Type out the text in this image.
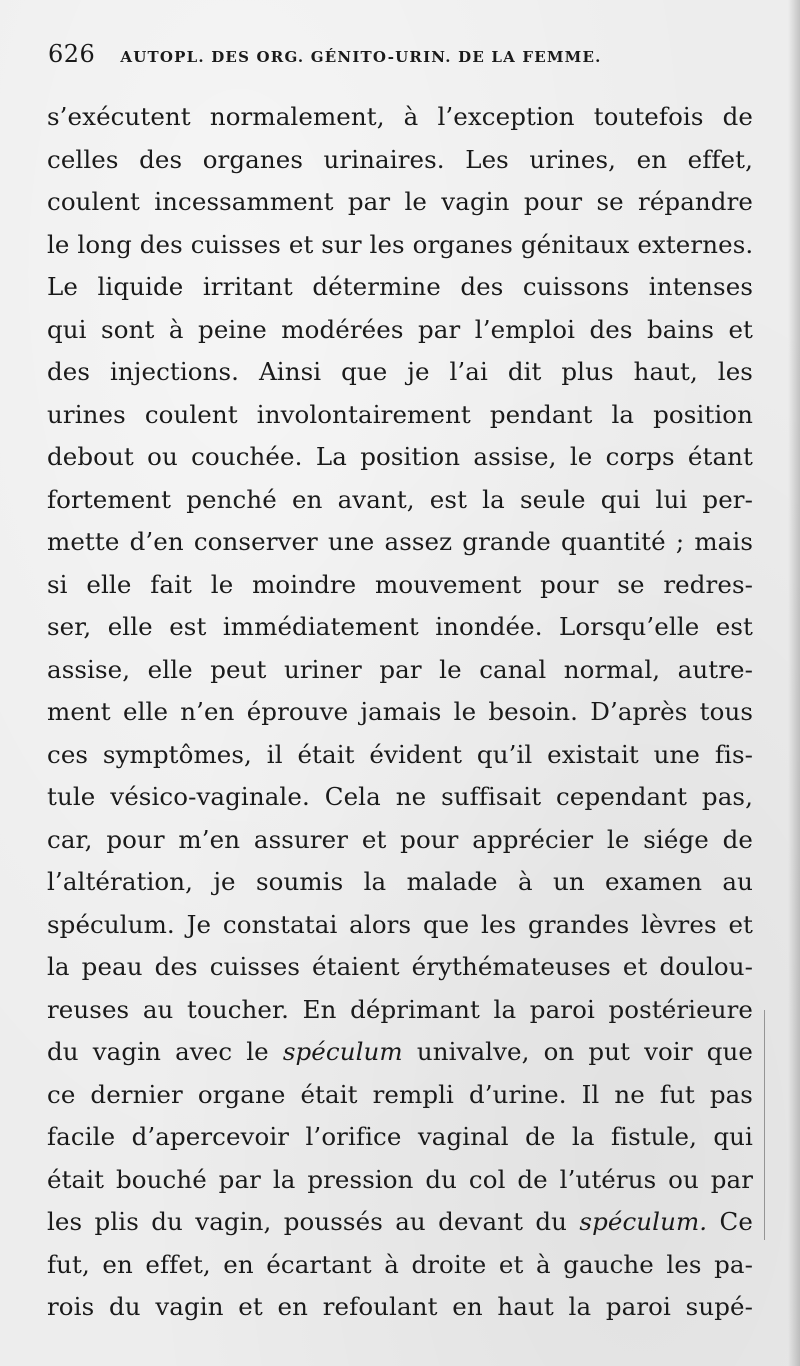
626 AUTOPL. DES ORG. GÉNITO-URIN. DE LA FEMME.
s’exécutent normalement, à l’exception toutefois de
celles des organes urinaires. Les urines, en effet,
coulent incessamment par le vagin pour se répandre
le long des cuisses et sur les organes génitaux externes.
Le liquide irritant détermine des cuissons intenses
qui sont à peine modérées par l’emploi des bains et
des injections. Ainsi que je l’ai dit plus haut, les
urines coulent involontairement pendant la position
debout ou couchée. La position assise, le corps étant
fortement penché en avant, est la seule qui lui per-
mette d’en conserver une assez grande quantité ; mais
si elle fait le moindre mouvement pour se redres-
ser, elle est immédiatement inondée. Lorsqu’elle est
assise, elle peut uriner par le canal normal, autre-
ment elle n’en éprouve jamais le besoin. D’après tous
ces symptômes, il était évident qu’il existait une fis-
tule vésico-vaginale. Cela ne suffisait cependant pas,
car, pour m’en assurer et pour apprécier le siége de
l’altération, je soumis la malade à un examen au
spéculum. Je constatai alors que les grandes lèvres et
la peau des cuisses étaient érythémateuses et doulou-
reuses au toucher. En déprimant la paroi postérieure
du vagin avec le spéculum univalve, on put voir que
ce dernier organe était rempli d’urine. Il ne fut pas
facile d’apercevoir l’orifice vaginal de la fistule, qui
était bouché par la pression du col de l’utérus ou par
les plis du vagin, poussés au devant du spéculum. Ce
fut, en effet, en écartant à droite et à gauche les pa-
rois du vagin et en refoulant en haut la paroi supé-
